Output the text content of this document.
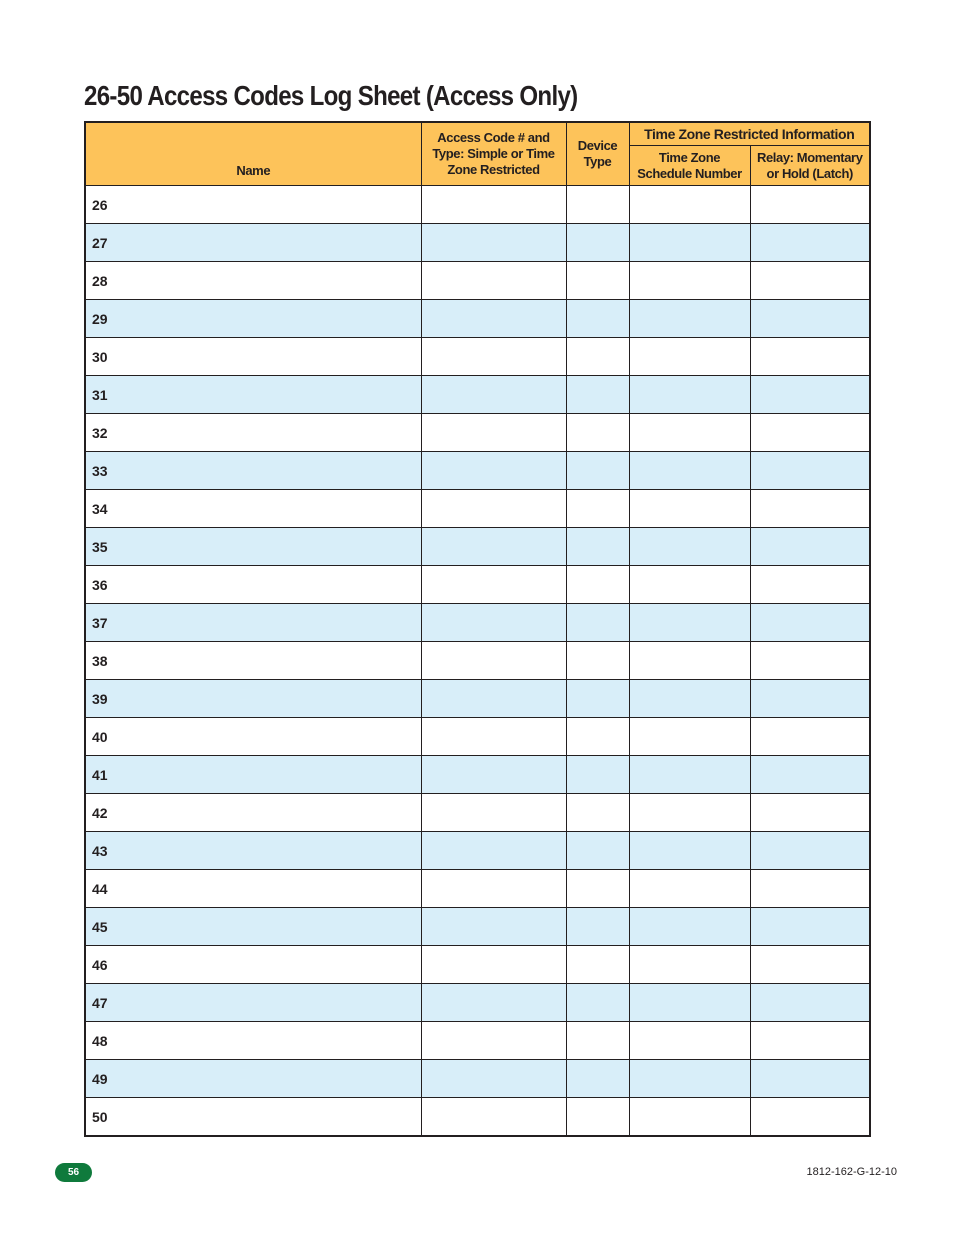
26-50 Access Codes Log Sheet (Access Only)
Name	Access Code # and Type: Simple or Time Zone Restricted	Device Type	Time Zone Restricted Information	
			Time Zone Schedule Number	Relay: Momentary or Hold (Latch)
26				
27				
28				
29				
30				
31				
32				
33				
34				
35				
36				
37				
38				
39				
40				
41				
42				
43				
44				
45				
46				
47				
48				
49				
50				
56	1812-162-G-12-10
